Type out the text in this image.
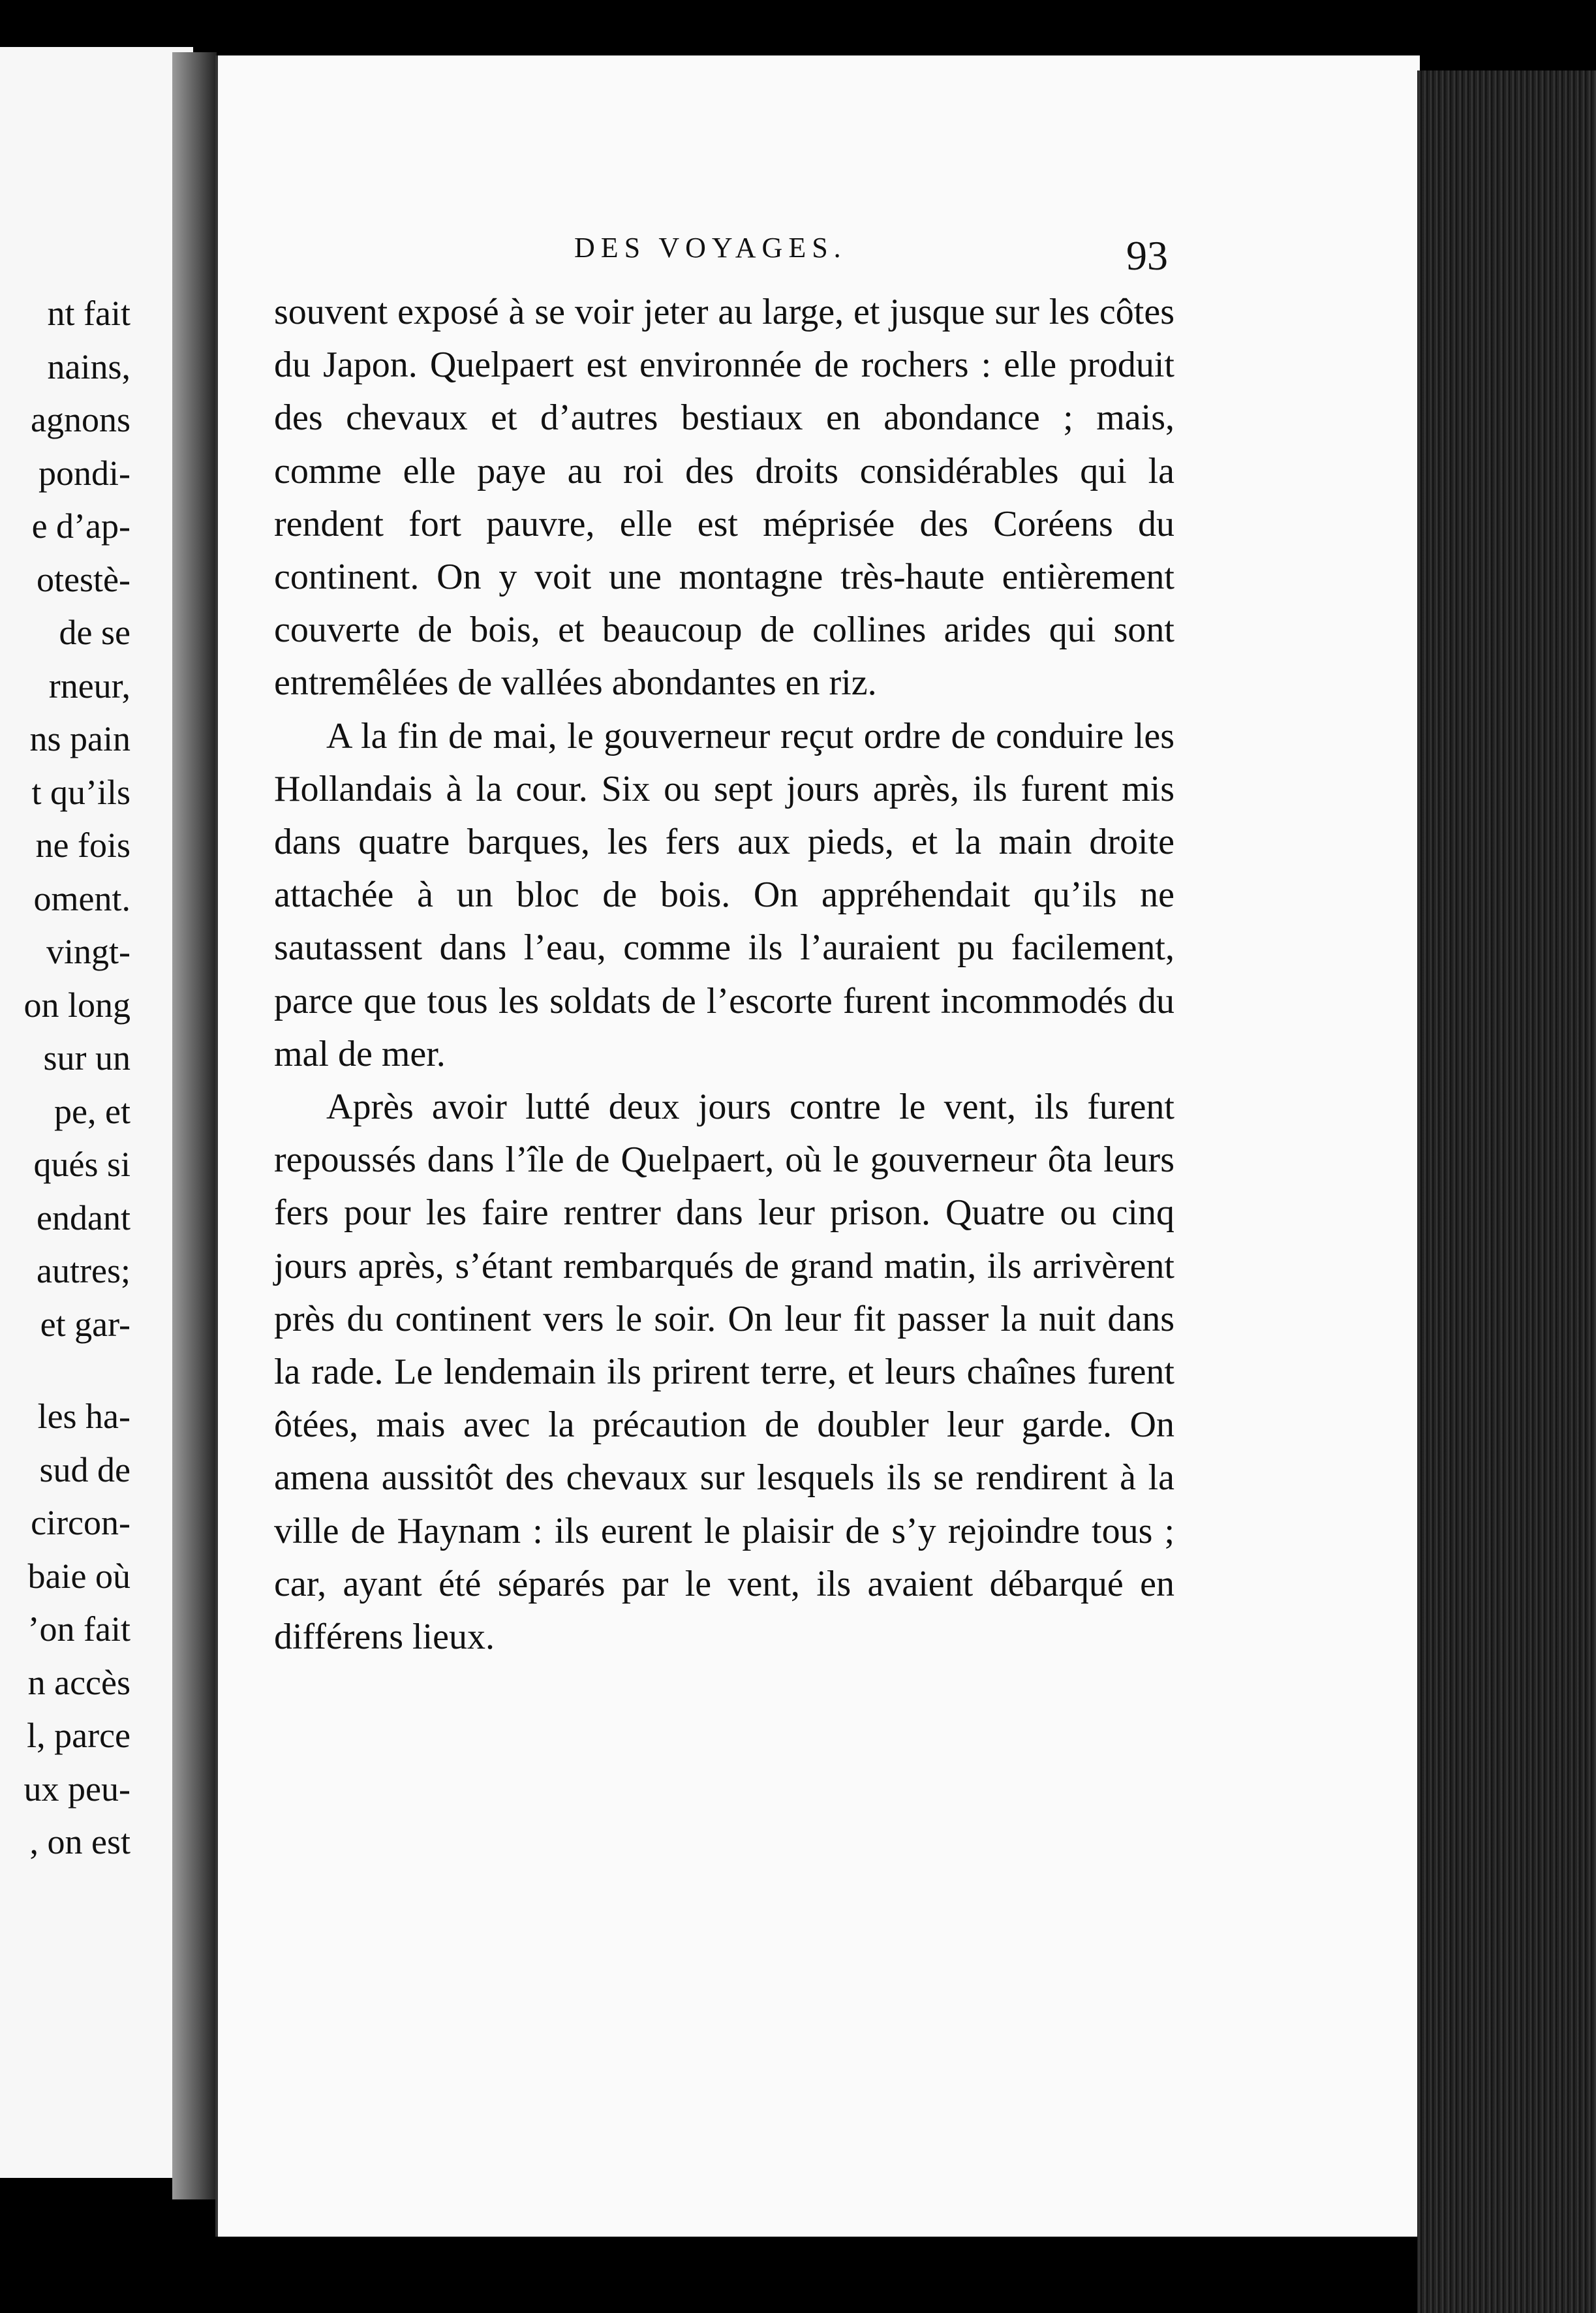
nt fait
nains,
agnons
pondi-
e d’ap-
otestè-
de se
rneur,
ns pain
t qu’ils
ne fois
oment.
vingt-
on long
sur un
pe, et
qués si
endant
autres;
et gar-
les ha-
sud de
circon-
baie où
’on fait
n accès
l, parce
ux peu-
, on est
DES VOYAGES.	93

souvent exposé à se voir jeter au large, et jusque sur les côtes du Japon. Quelpaert est environnée de rochers : elle produit des chevaux et d’autres bestiaux en abondance ; mais, comme elle paye au roi des droits considérables qui la rendent fort pauvre, elle est méprisée des Coréens du continent. On y voit une montagne très-haute entièrement couverte de bois, et beaucoup de collines arides qui sont entremêlées de vallées abondantes en riz.

A la fin de mai, le gouverneur reçut ordre de conduire les Hollandais à la cour. Six ou sept jours après, ils furent mis dans quatre barques, les fers aux pieds, et la main droite attachée à un bloc de bois. On appréhendait qu’ils ne sautassent dans l’eau, comme ils l’auraient pu facilement, parce que tous les soldats de l’escorte furent incommodés du mal de mer.

Après avoir lutté deux jours contre le vent, ils furent repoussés dans l’île de Quelpaert, où le gouverneur ôta leurs fers pour les faire rentrer dans leur prison. Quatre ou cinq jours après, s’étant rembarqués de grand matin, ils arrivèrent près du continent vers le soir. On leur fit passer la nuit dans la rade. Le lendemain ils prirent terre, et leurs chaînes furent ôtées, mais avec la précaution de doubler leur garde. On amena aussitôt des chevaux sur lesquels ils se rendirent à la ville de Haynam : ils eurent le plaisir de s’y rejoindre tous ; car, ayant été séparés par le vent, ils avaient débarqué en différens lieux.
